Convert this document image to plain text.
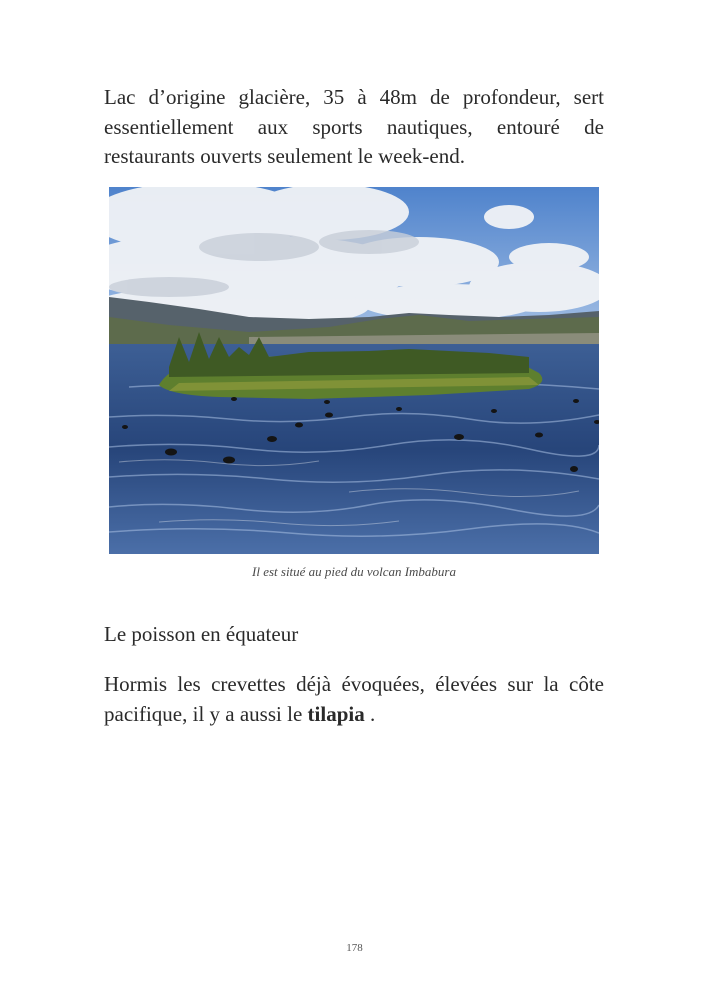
Lac d’origine glacière, 35 à 48m de profondeur, sert essentiellement aux sports nautiques, entouré de restaurants ouverts seulement le week-end.

Il est situé au pied du volcan Imbabura
Le poisson en équateur

Hormis les crevettes déjà évoquées, élevées sur la côte pacifique, il y a aussi le tilapia .

178
